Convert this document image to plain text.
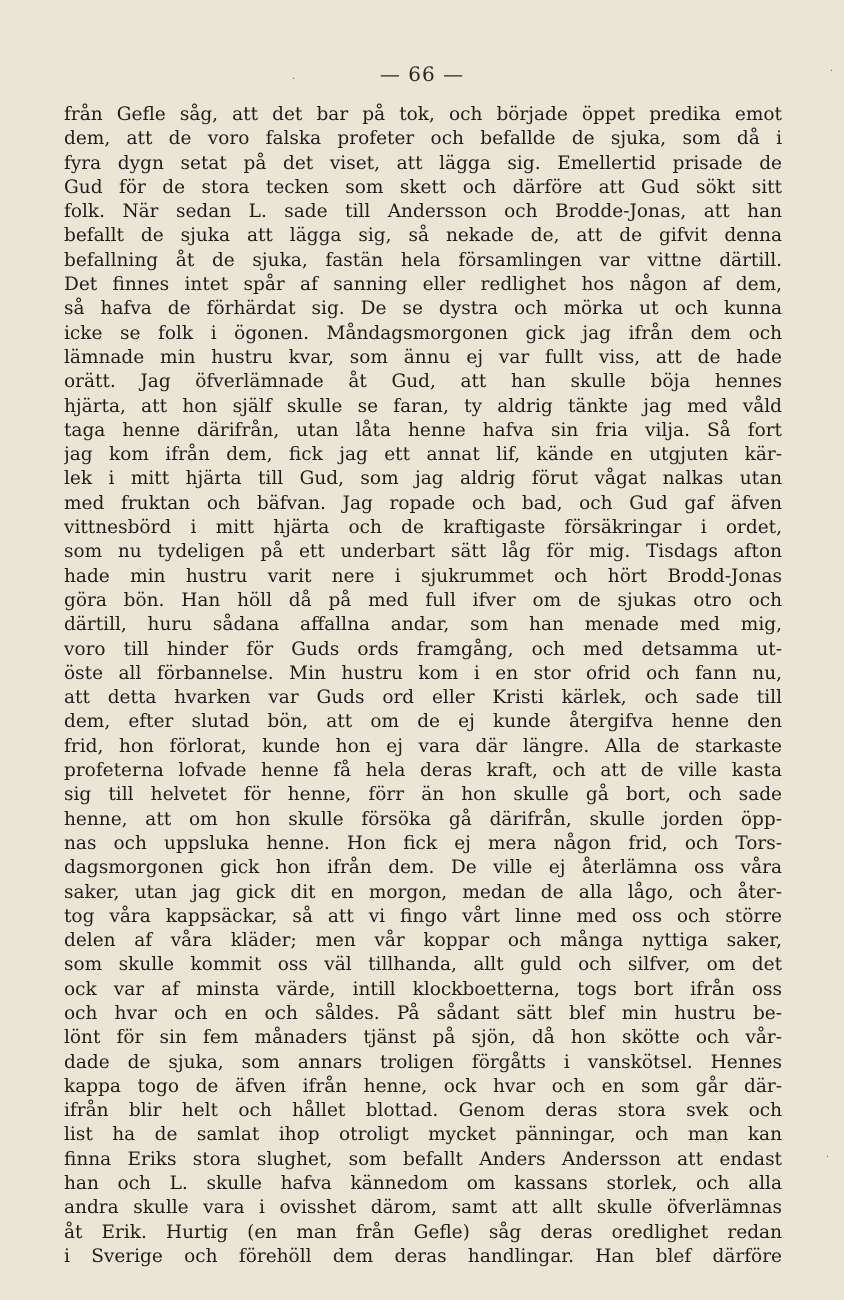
·
·
·
— 66 —
från Gefle såg, att det bar på tok, och började öppet predika emot
dem, att de voro falska profeter och befallde de sjuka, som då i
fyra dygn setat på det viset, att lägga sig. Emellertid prisade de
Gud för de stora tecken som skett och därföre att Gud sökt sitt
folk. När sedan L. sade till Andersson och Brodde-Jonas, att han
befallt de sjuka att lägga sig, så nekade de, att de gifvit denna
befallning åt de sjuka, fastän hela församlingen var vittne därtill.
Det finnes intet spår af sanning eller redlighet hos någon af dem,
så hafva de förhärdat sig. De se dystra och mörka ut och kunna
icke se folk i ögonen. Måndagsmorgonen gick jag ifrån dem och
lämnade min hustru kvar, som ännu ej var fullt viss, att de hade
orätt. Jag öfverlämnade åt Gud, att han skulle böja hennes
hjärta, att hon själf skulle se faran, ty aldrig tänkte jag med våld
taga henne därifrån, utan låta henne hafva sin fria vilja. Så fort
jag kom ifrån dem, fick jag ett annat lif, kände en utgjuten kär-
lek i mitt hjärta till Gud, som jag aldrig förut vågat nalkas utan
med fruktan och bäfvan. Jag ropade och bad, och Gud gaf äfven
vittnesbörd i mitt hjärta och de kraftigaste försäkringar i ordet,
som nu tydeligen på ett underbart sätt låg för mig. Tisdags afton
hade min hustru varit nere i sjukrummet och hört Brodd-Jonas
göra bön. Han höll då på med full ifver om de sjukas otro och
därtill, huru sådana affallna andar, som han menade med mig,
voro till hinder för Guds ords framgång, och med detsamma ut-
öste all förbannelse. Min hustru kom i en stor ofrid och fann nu,
att detta hvarken var Guds ord eller Kristi kärlek, och sade till
dem, efter slutad bön, att om de ej kunde återgifva henne den
frid, hon förlorat, kunde hon ej vara där längre. Alla de starkaste
profeterna lofvade henne få hela deras kraft, och att de ville kasta
sig till helvetet för henne, förr än hon skulle gå bort, och sade
henne, att om hon skulle försöka gå därifrån, skulle jorden öpp-
nas och uppsluka henne. Hon fick ej mera någon frid, och Tors-
dagsmorgonen gick hon ifrån dem. De ville ej återlämna oss våra
saker, utan jag gick dit en morgon, medan de alla lågo, och åter-
tog våra kappsäckar, så att vi fingo vårt linne med oss och större
delen af våra kläder; men vår koppar och många nyttiga saker,
som skulle kommit oss väl tillhanda, allt guld och silfver, om det
ock var af minsta värde, intill klockboetterna, togs bort ifrån oss
och hvar och en och såldes. På sådant sätt blef min hustru be-
lönt för sin fem månaders tjänst på sjön, då hon skötte och vår-
dade de sjuka, som annars troligen förgåtts i vanskötsel. Hennes
kappa togo de äfven ifrån henne, ock hvar och en som går där-
ifrån blir helt och hållet blottad. Genom deras stora svek och
list ha de samlat ihop otroligt mycket pänningar, och man kan
finna Eriks stora slughet, som befallt Anders Andersson att endast
han och L. skulle hafva kännedom om kassans storlek, och alla
andra skulle vara i ovisshet därom, samt att allt skulle öfverlämnas
åt Erik. Hurtig (en man från Gefle) såg deras oredlighet redan
i Sverige och förehöll dem deras handlingar. Han blef därföre
